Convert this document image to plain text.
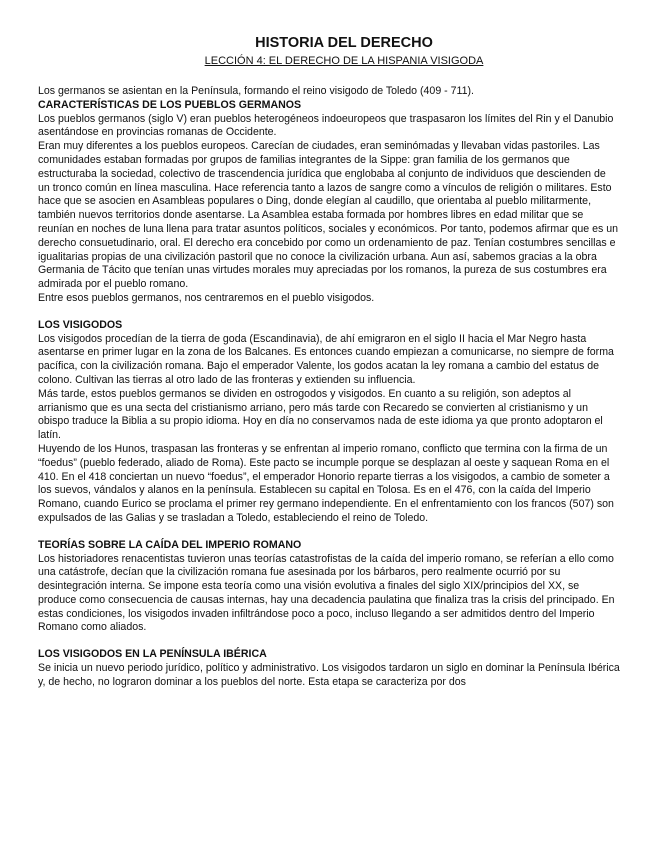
HISTORIA DEL DERECHO

LECCIÓN 4: EL DERECHO DE LA HISPANIA VISIGODA

Los germanos se asientan en la Península, formando el reino visigodo de Toledo (409 - 711).

CARACTERÍSTICAS DE LOS PUEBLOS GERMANOS

Los pueblos germanos (siglo V) eran pueblos heterogéneos indoeuropeos que traspasaron los límites del Rin y el Danubio asentándose en provincias romanas de Occidente.

Eran muy diferentes a los pueblos europeos. Carecían de ciudades, eran seminómadas y llevaban vidas pastoriles. Las comunidades estaban formadas por grupos de familias integrantes de la Sippe: gran familia de los germanos que estructuraba la sociedad, colectivo de trascendencia jurídica que englobaba al conjunto de individuos que descienden de un tronco común en línea masculina. Hace referencia tanto a lazos de sangre como a vínculos de religión o militares. Esto hace que se asocien en Asambleas populares o Ding, donde elegían al caudillo, que orientaba al pueblo militarmente, también nuevos territorios donde asentarse. La Asamblea estaba formada por hombres libres en edad militar que se reunían en noches de luna llena para tratar asuntos políticos, sociales y económicos. Por tanto, podemos afirmar que es un derecho consuetudinario, oral. El derecho era concebido por como un ordenamiento de paz. Tenían costumbres sencillas e igualitarias propias de una civilización pastoril que no conoce la civilización urbana. Aun así, sabemos gracias a la obra Germania de Tácito que tenían unas virtudes morales muy apreciadas por los romanos, la pureza de sus costumbres era admirada por el pueblo romano.

Entre esos pueblos germanos, nos centraremos en el pueblo visigodos.

LOS VISIGODOS

Los visigodos procedían de la tierra de goda (Escandinavia), de ahí emigraron en el siglo II hacia el Mar Negro hasta asentarse en primer lugar en la zona de los Balcanes. Es entonces cuando empiezan a comunicarse, no siempre de forma pacífica, con la civilización romana. Bajo el emperador Valente, los godos acatan la ley romana a cambio del estatus de colono. Cultivan las tierras al otro lado de las fronteras y extienden su influencia.

Más tarde, estos pueblos germanos se dividen en ostrogodos y visigodos. En cuanto a su religión, son adeptos al arrianismo que es una secta del cristianismo arriano, pero más tarde con Recaredo se convierten al cristianismo y un obispo traduce la Biblia a su propio idioma. Hoy en día no conservamos nada de este idioma ya que pronto adoptaron el latín.

Huyendo de los Hunos, traspasan las fronteras y se enfrentan al imperio romano, conflicto que termina con la firma de un “foedus” (pueblo federado, aliado de Roma). Este pacto se incumple porque se desplazan al oeste y saquean Roma en el 410. En el 418 conciertan un nuevo “foedus”, el emperador Honorio reparte tierras a los visigodos, a cambio de someter a los suevos, vándalos y alanos en la península. Establecen su capital en Tolosa. Es en el 476, con la caída del Imperio Romano, cuando Eurico se proclama el primer rey germano independiente. En el enfrentamiento con los francos (507) son expulsados de las Galias y se trasladan a Toledo, estableciendo el reino de Toledo.

TEORÍAS SOBRE LA CAÍDA DEL IMPERIO ROMANO

Los historiadores renacentistas tuvieron unas teorías catastrofistas de la caída del imperio romano, se referían a ello como una catástrofe, decían que la civilización romana fue asesinada por los bárbaros, pero realmente ocurrió por su desintegración interna. Se impone esta teoría como una visión evolutiva a finales del siglo XIX/principios del XX, se produce como consecuencia de causas internas, hay una decadencia paulatina que finaliza tras la crisis del principado. En estas condiciones, los visigodos invaden infiltrándose poco a poco, incluso llegando a ser admitidos dentro del Imperio Romano como aliados.

LOS VISIGODOS EN LA PENÍNSULA IBÉRICA

Se inicia un nuevo periodo jurídico, político y administrativo. Los visigodos tardaron un siglo en dominar la Península Ibérica y, de hecho, no lograron dominar a los pueblos del norte. Esta etapa se caracteriza por dos
